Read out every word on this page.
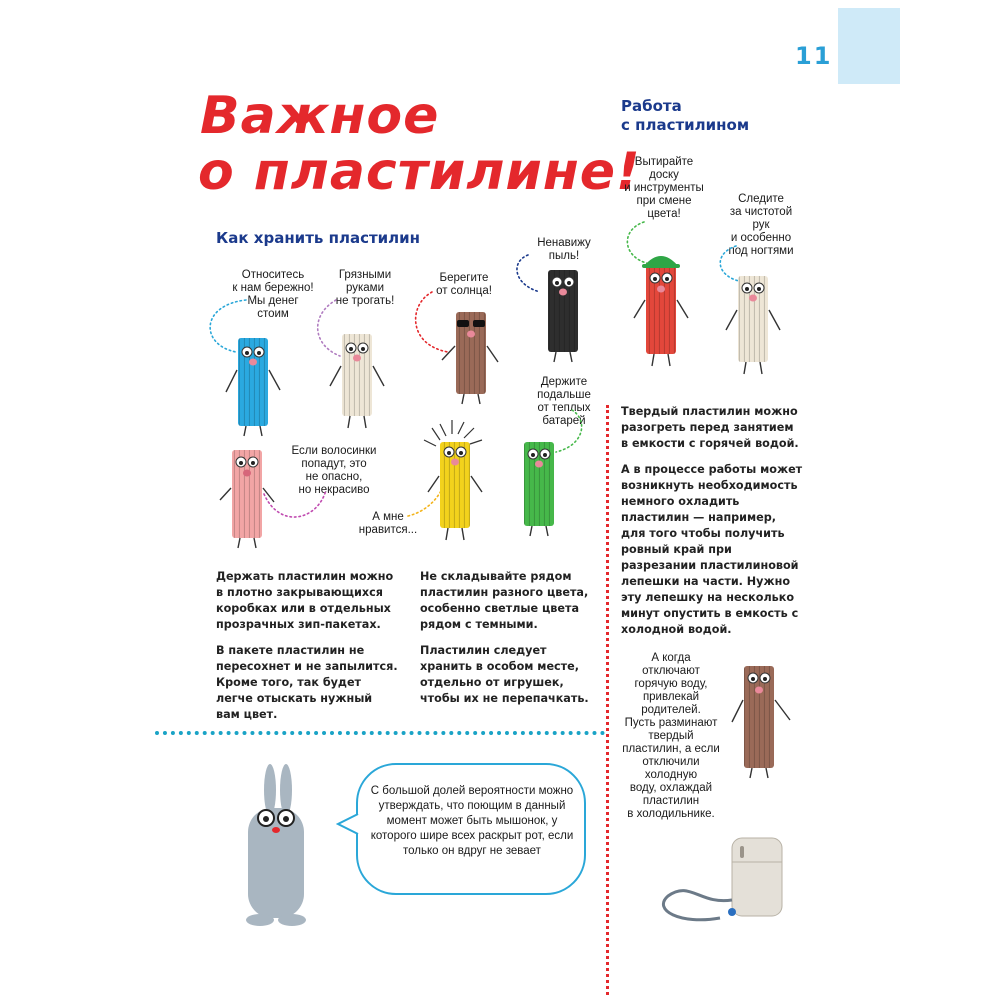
11
Важное
о пластилине!
Как хранить пластилин
Работа
с пластилином
Относитесь
к нам бережно!
Мы денег
стоим
Грязными
руками
не трогать!
Берегите
от солнца!
Ненавижу
пыль!
Держите
подальше
от теплых
батарей
Если волосинки
попадут, это
не опасно,
но некрасиво
А мне
нравится...
Вытирайте
доску
и инструменты
при смене
цвета!
Следите
за чистотой
рук
и особенно
под ногтями
А когда
отключают
горячую воду,
привлекай
родителей.
Пусть разминают
твердый
пластилин, а если
отключили
холодную
воду, охлаждай
пластилин
в холодильнике.

Держать пластилин можно в плотно закрывающихся коробках или в отдельных прозрачных зип-пакетах.

В пакете пластилин не пересохнет и не запылится. Кроме того, так будет легче отыскать нужный вам цвет.

Не складывайте рядом пластилин разного цвета, особенно светлые цвета рядом с темными.

Пластилин следует хранить в особом месте, отдельно от игрушек, чтобы их не перепачкать.

Твердый пластилин можно разогреть перед занятием в емкости с горячей водой.

А в процессе работы может возникнуть необходимость немного охладить пластилин — например, для того чтобы получить ровный край при разрезании пластилиновой лепешки на части. Нужно эту лепешку на несколько минут опустить в емкость с холодной водой.

С большой долей вероятности можно утверждать, что поющим в данный момент может быть мышонок, у которого шире всех раскрыт рот, если только он вдруг не зевает
